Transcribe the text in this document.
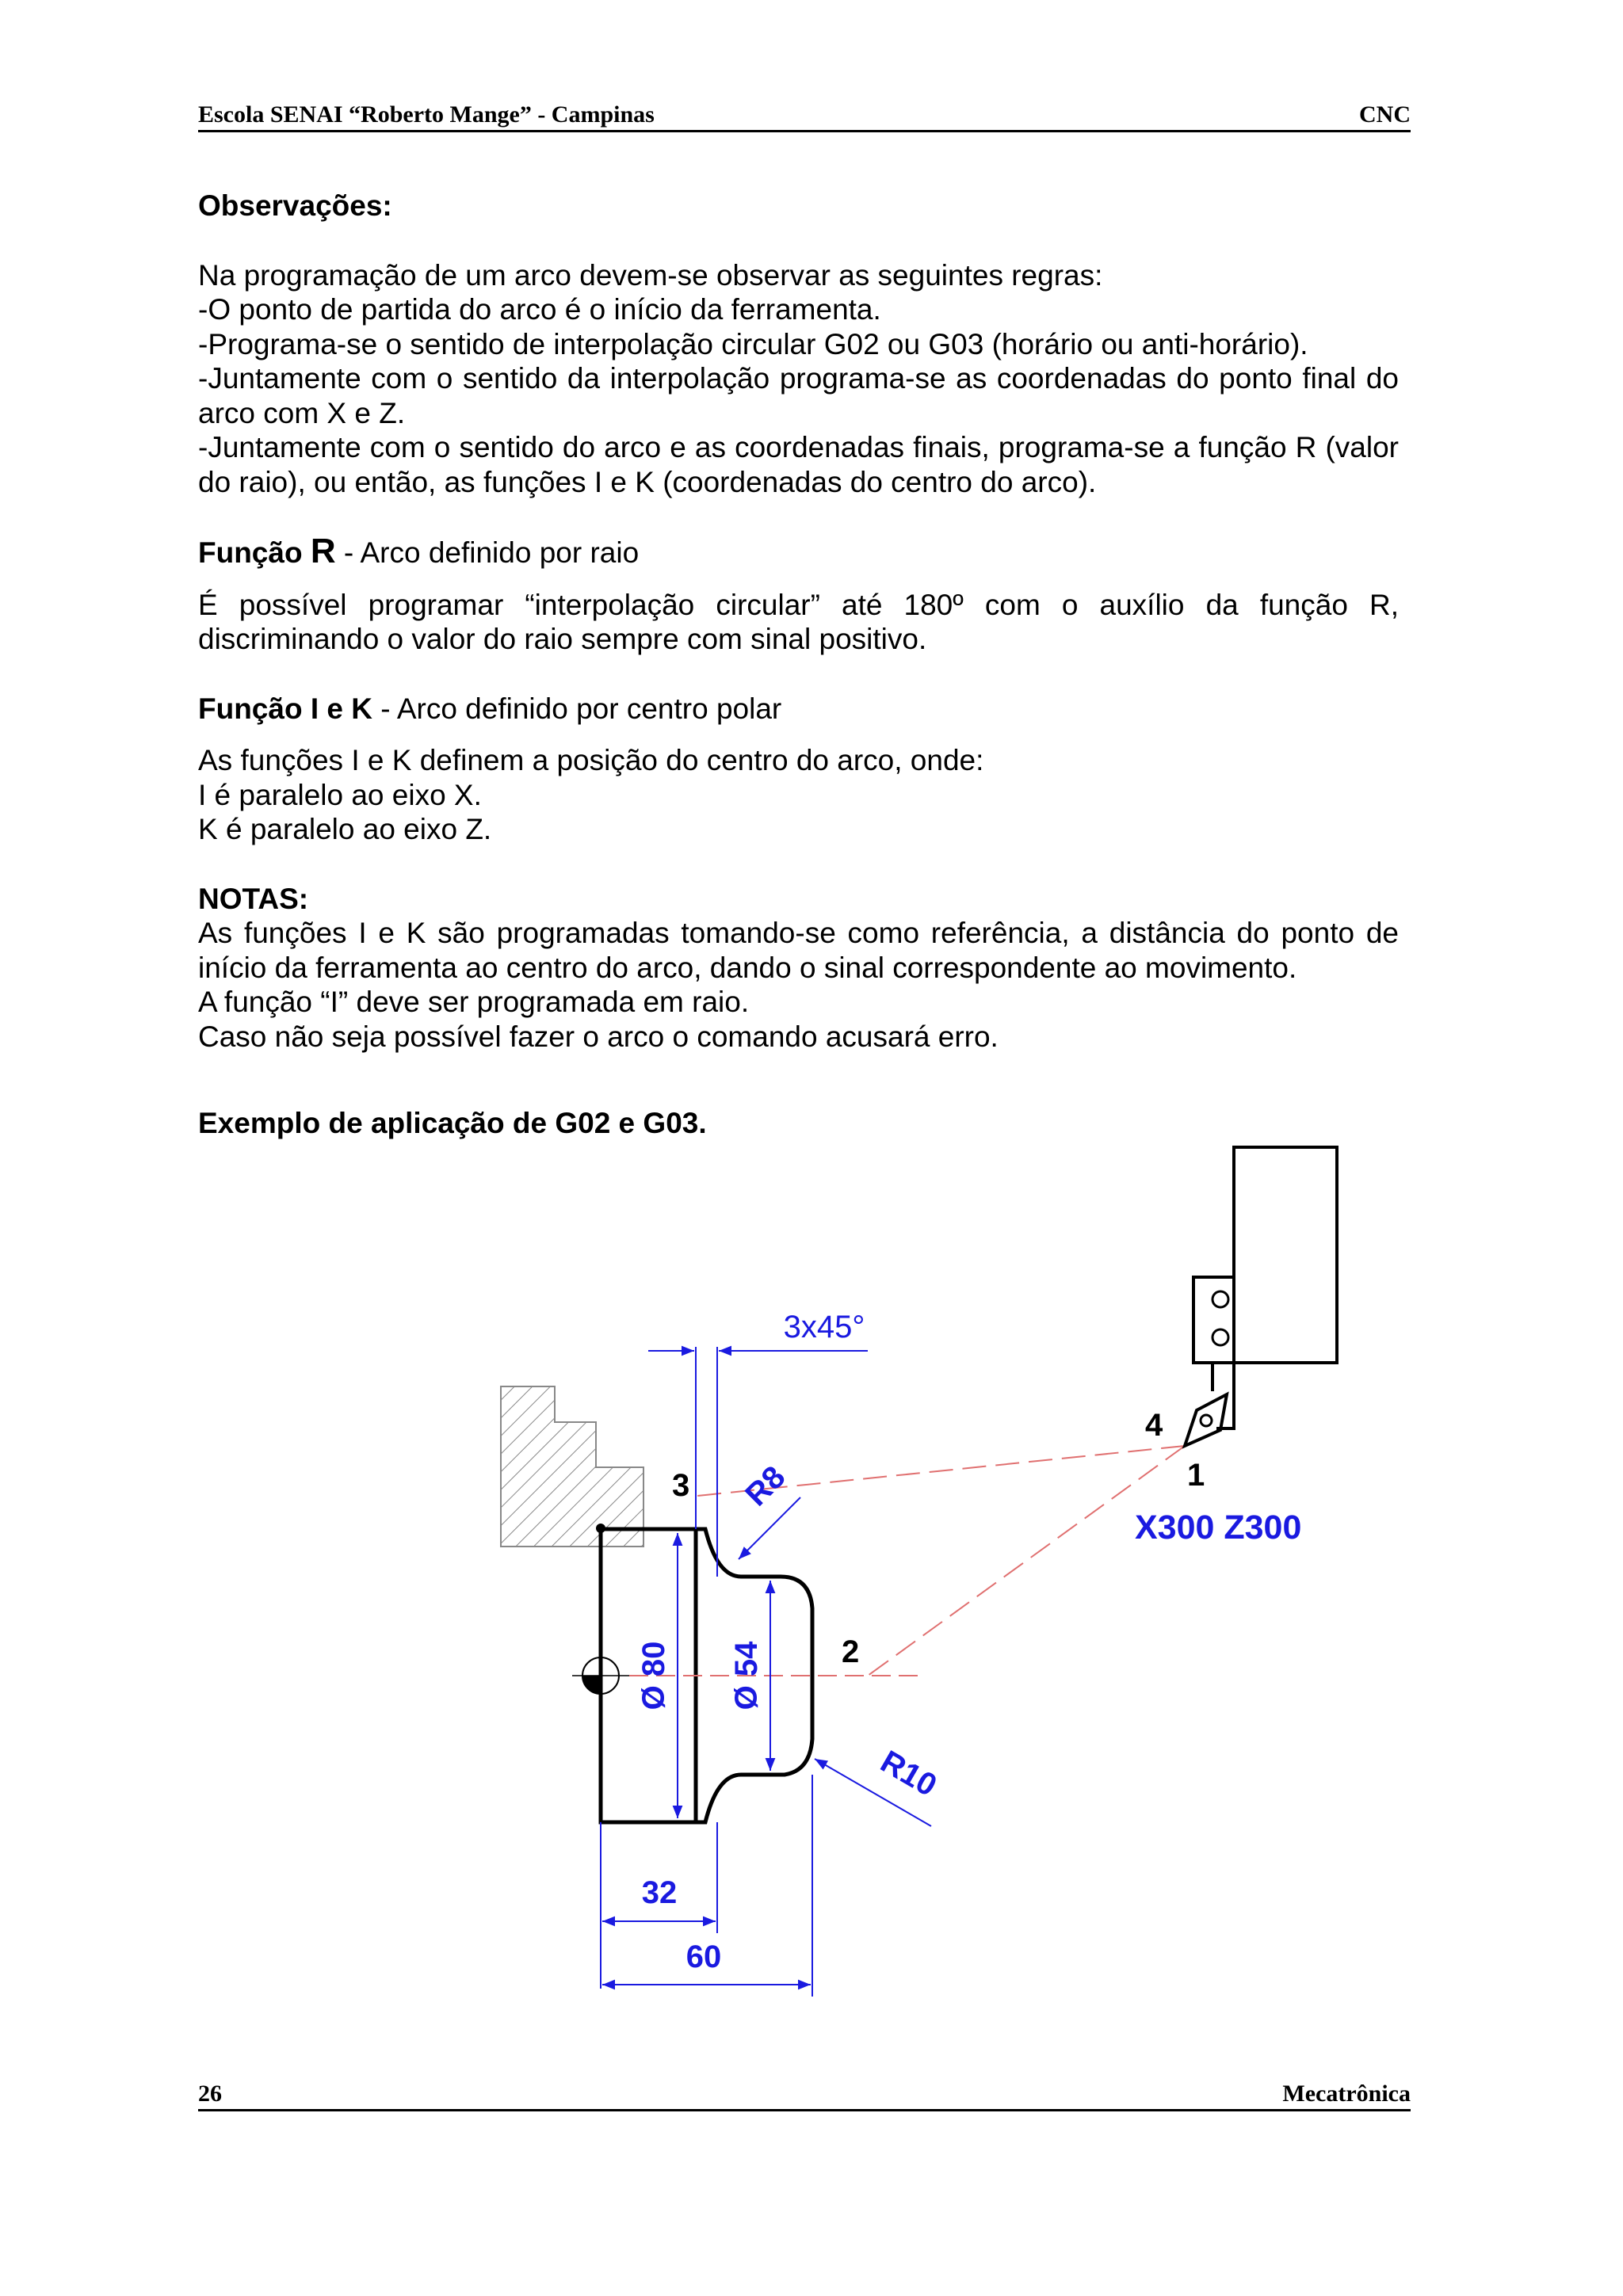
Escola SENAI “Roberto Mange” - Campinas	CNC

Observações:

Na programação de um arco devem-se observar as seguintes regras:

-O ponto de partida do arco é o início da ferramenta.

-Programa-se o sentido de interpolação circular G02 ou G03 (horário ou anti-horário).

-Juntamente com o sentido da interpolação programa-se as coordenadas do ponto final do arco com X e Z.

-Juntamente com o sentido do arco e as coordenadas finais, programa-se a função R (valor do raio), ou então, as funções I e K (coordenadas do centro do arco).

Função R - Arco definido por raio

É possível programar “interpolação circular” até 180º com o auxílio da função R, discriminando o valor do raio sempre com sinal positivo.

Função I e K - Arco definido por centro polar

As funções I e K definem a posição do centro do arco, onde:

I é paralelo ao eixo X.

K é paralelo ao eixo Z.

NOTAS:

As funções I e K são programadas tomando-se como referência, a distância do ponto de início da ferramenta ao centro do arco, dando o sinal correspondente ao movimento.

A função “I” deve ser programada em raio.

Caso não seja possível fazer o arco o comando acusará erro.

Exemplo de aplicação de G02 e G03.

Ø 80 Ø 54
32
60
3x45°
R8
R10
1
2
3
4
X300 Z300
26	Mecatrônica
